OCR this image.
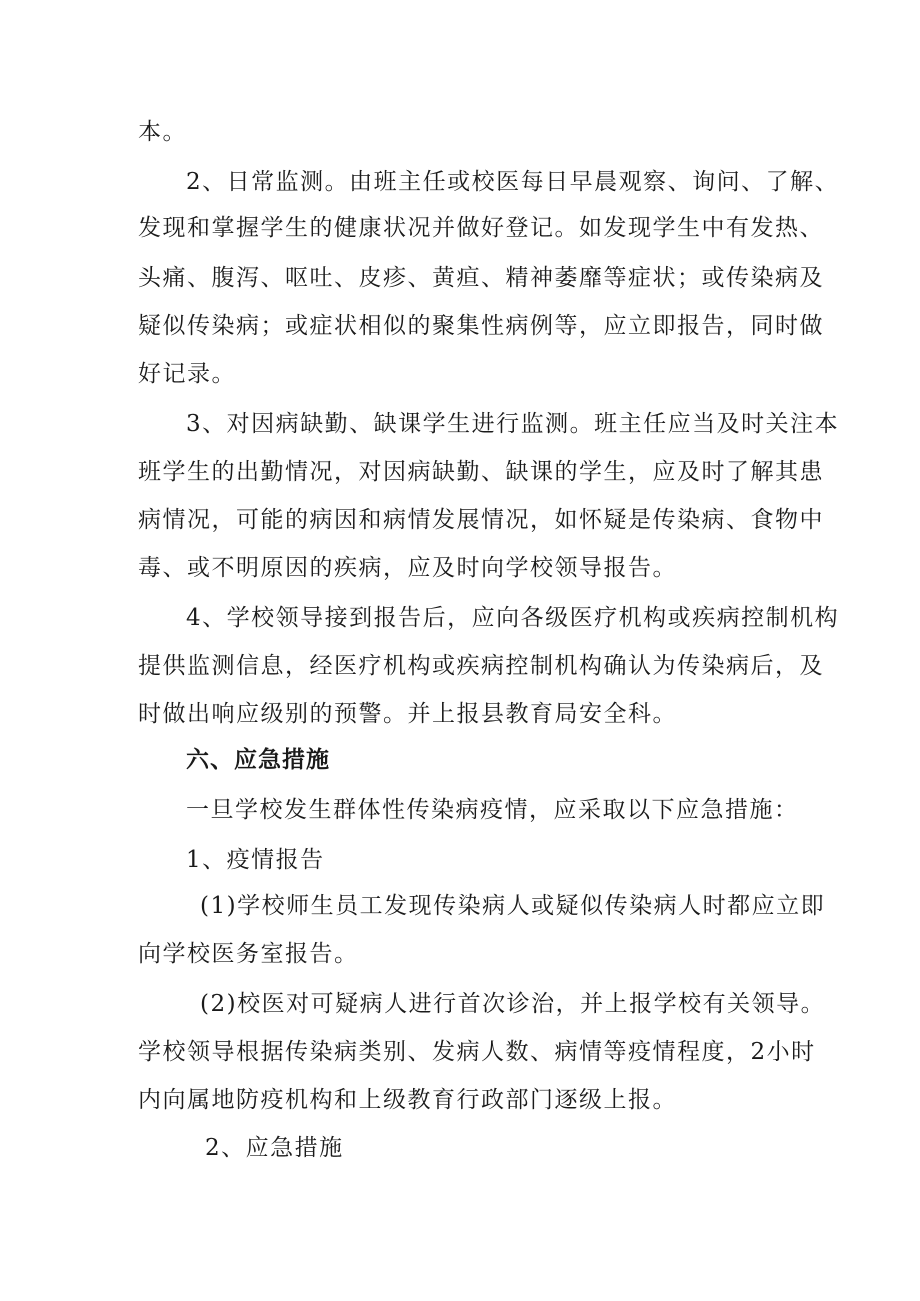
本。
2、日常监测。由班主任或校医每日早晨观察、询问、了解、
发现和掌握学生的健康状况并做好登记。如发现学生中有发热、
头痛、腹泻、呕吐、皮疹、黄疸、精神萎靡等症状；或传染病及
疑似传染病；或症状相似的聚集性病例等，应立即报告，同时做
好记录。
3、对因病缺勤、缺课学生进行监测。班主任应当及时关注本
班学生的出勤情况，对因病缺勤、缺课的学生，应及时了解其患
病情况，可能的病因和病情发展情况，如怀疑是传染病、食物中
毒、或不明原因的疾病，应及时向学校领导报告。
4、学校领导接到报告后，应向各级医疗机构或疾病控制机构
提供监测信息，经医疗机构或疾病控制机构确认为传染病后，及
时做出响应级别的预警。并上报县教育局安全科。
六、应急措施
一旦学校发生群体性传染病疫情，应采取以下应急措施：
1、疫情报告
(1)学校师生员工发现传染病人或疑似传染病人时都应立即
向学校医务室报告。
(2)校医对可疑病人进行首次诊治，并上报学校有关领导。
学校领导根据传染病类别、发病人数、病情等疫情程度，2小时
内向属地防疫机构和上级教育行政部门逐级上报。
2、应急措施
